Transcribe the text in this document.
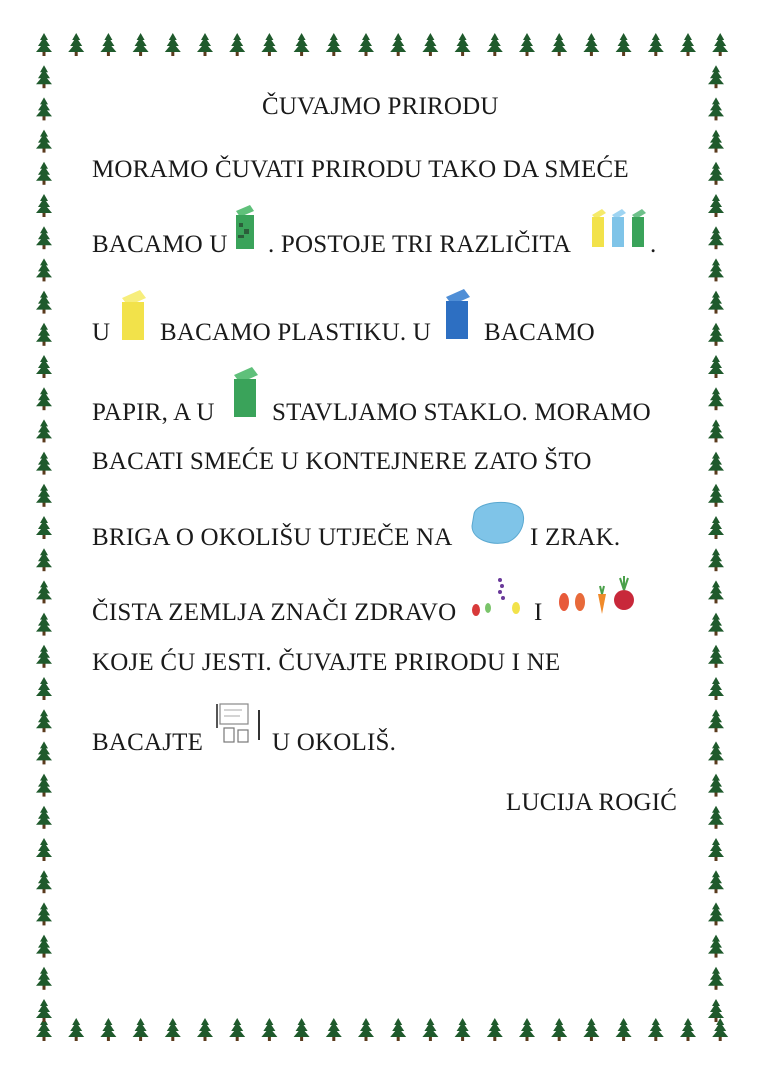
ČUVAJMO PRIRODU
MORAMO ČUVATI PRIRODU TAKO DA SMEĆE
BACAMO U . POSTOJE TRI RAZLIČITA	.
U BACAMO PLASTIKU. U BACAMO
PAPIR, A U STAVLJAMO STAKLO. MORAMO
BACATI SMEĆE U KONTEJNERE ZATO ŠTO
BRIGA O OKOLIŠU UTJEČE NA	I ZRAK.
ČISTA ZEMLJA ZNAČI ZDRAVO	I
KOJE ĆU JESTI. ČUVAJTE PRIRODU I NE
BACAJTE	U OKOLIŠ.
LUCIJA ROGIĆ
